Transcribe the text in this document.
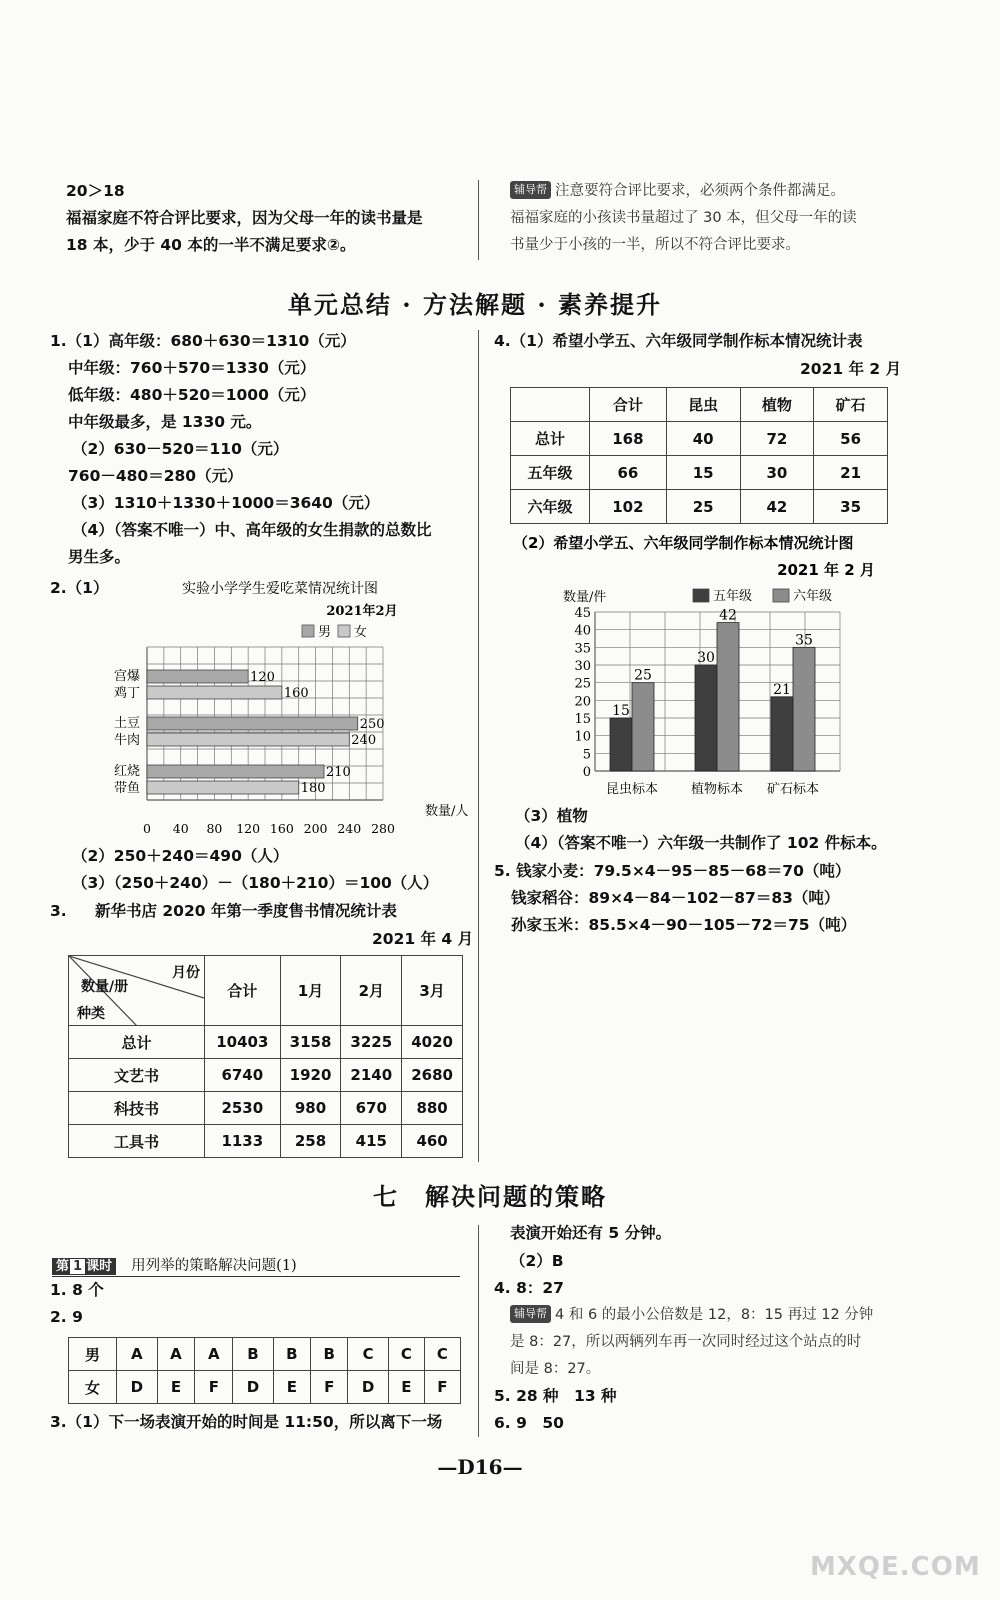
20＞18
福福家庭不符合评比要求，因为父母一年的读书量是
18 本，少于 40 本的一半不满足要求②。
辅导帮 注意要符合评比要求，必须两个条件都满足。
福福家庭的小孩读书量超过了 30 本，但父母一年的读
书量少于小孩的一半，所以不符合评比要求。
单元总结 · 方法解题 · 素养提升
1.（1）高年级：680＋630＝1310（元）
中年级：760＋570＝1330（元）
低年级：480＋520＝1000（元）
中年级最多，是 1330 元。
（2）630－520＝110（元）
760－480＝280（元）
（3）1310＋1330＋1000＝3640（元）
（4）（答案不唯一）中、高年级的女生捐款的总数比
男生多。
2.（1）	实验小学学生爱吃菜情况统计图
2021年2月
男 女
宫爆
鸡丁
土豆
牛肉
红烧
带鱼
120
160
250
240
210
180
0 40 80 120 160 200 240 280
数量/人
（2）250＋240＝490（人）
（3）（250＋240）－（180＋210）＝100（人）
3. 新华书店 2020 年第一季度售书情况统计表
2021 年 4 月
月份
数量/册
种类	合计	1月	2月	3月
总计	10403	3158	3225	4020
文艺书	6740	1920	2140	2680
科技书	2530	980	670	880
工具书	1133	258	415	460
4.（1）希望小学五、六年级同学制作标本情况统计表
2021 年 2 月
	合计	昆虫	植物	矿石
总计	168	40	72	56
五年级	66	15	30	21
六年级	102	25	42	35
（2）希望小学五、六年级同学制作标本情况统计图
2021 年 2 月
数量/件	五年级	六年级
15
25
30
42
21
35
0
5
10
15
20
25
30
35
40
45
昆虫标本	植物标本 矿石标本
（3）植物
（4）（答案不唯一）六年级一共制作了 102 件标本。
5. 钱家小麦：79.5×4－95－85－68＝70（吨）
钱家稻谷：89×4－84－102－87＝83（吨）
孙家玉米：85.5×4－90－105－72＝75（吨）
七　解决问题的策略
第 1 课时 用列举的策略解决问题(1)
1. 8 个
2. 9
男	A	A	A	B	B	B	C	C	C
女	D	E	F	D	E	F	D	E	F
3.（1）下一场表演开始的时间是 11:50，所以离下一场
表演开始还有 5 分钟。
（2）B
4. 8：27
辅导帮 4 和 6 的最小公倍数是 12，8：15 再过 12 分钟
是 8：27，所以两辆列车再一次同时经过这个站点的时
间是 8：27。
5. 28 种　13 种
6. 9　50
—D16—
MXQE.COM
